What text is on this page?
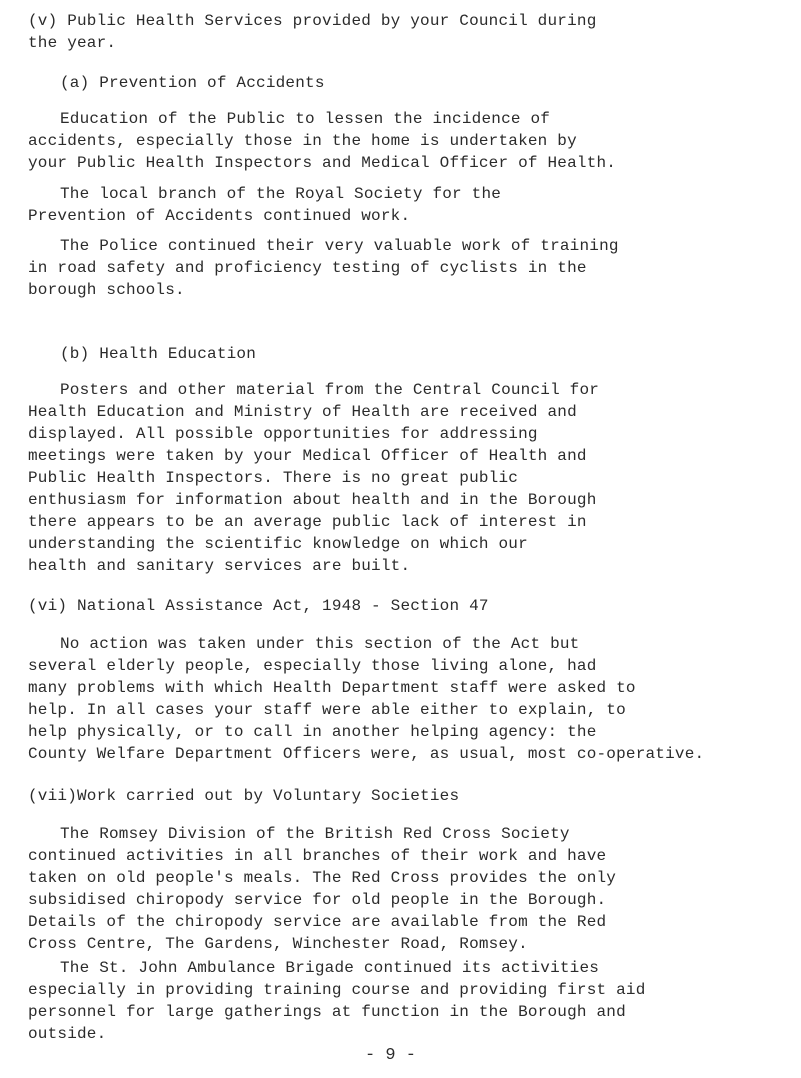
(v) Public Health Services provided by your Council during
the year.
(a) Prevention of Accidents
Education of the Public to lessen the incidence of
accidents, especially those in the home is undertaken by
your Public Health Inspectors and Medical Officer of Health.
The local branch of the Royal Society for the
Prevention of Accidents continued work.
The Police continued their very valuable work of training
in road safety and proficiency testing of cyclists in the
borough schools.
(b) Health Education
Posters and other material from the Central Council for
Health Education and Ministry of Health are received and
displayed. All possible opportunities for addressing
meetings were taken by your Medical Officer of Health and
Public Health Inspectors. There is no great public
enthusiasm for information about health and in the Borough
there appears to be an average public lack of interest in
understanding the scientific knowledge on which our
health and sanitary services are built.
(vi) National Assistance Act, 1948 - Section 47
No action was taken under this section of the Act but
several elderly people, especially those living alone, had
many problems with which Health Department staff were asked to
help. In all cases your staff were able either to explain, to
help physically, or to call in another helping agency: the
County Welfare Department Officers were, as usual, most co-operative.
(vii)Work carried out by Voluntary Societies
The Romsey Division of the British Red Cross Society
continued activities in all branches of their work and have
taken on old people's meals. The Red Cross provides the only
subsidised chiropody service for old people in the Borough.
Details of the chiropody service are available from the Red
Cross Centre, The Gardens, Winchester Road, Romsey.
The St. John Ambulance Brigade continued its activities
especially in providing training course and providing first aid
personnel for large gatherings at function in the Borough and
outside.
- 9 -
